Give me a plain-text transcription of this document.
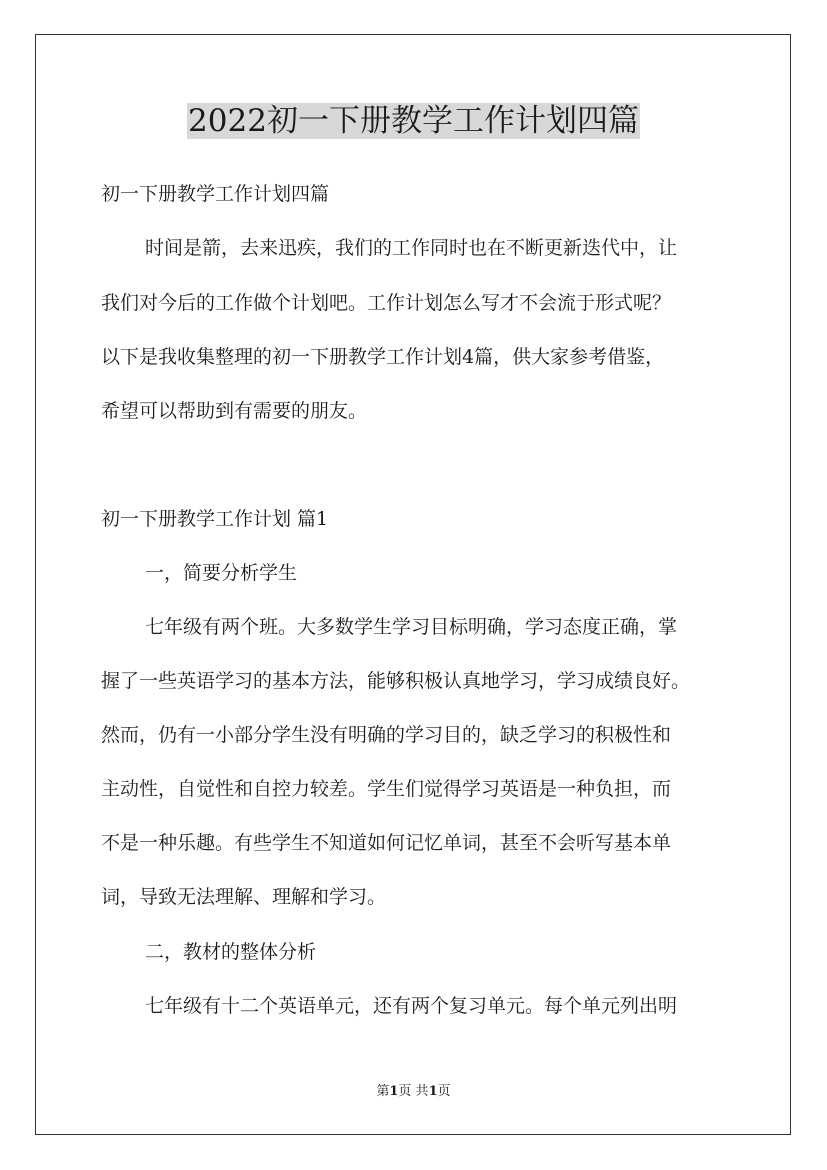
2022初一下册教学工作计划四篇
初一下册教学工作计划四篇
时间是箭，去来迅疾，我们的工作同时也在不断更新迭代中，让
我们对今后的工作做个计划吧。工作计划怎么写才不会流于形式呢？
以下是我收集整理的初一下册教学工作计划4篇，供大家参考借鉴，
希望可以帮助到有需要的朋友。
初一下册教学工作计划 篇1
一，简要分析学生
七年级有两个班。大多数学生学习目标明确，学习态度正确，掌
握了一些英语学习的基本方法，能够积极认真地学习，学习成绩良好。
然而，仍有一小部分学生没有明确的学习目的，缺乏学习的积极性和
主动性，自觉性和自控力较差。学生们觉得学习英语是一种负担，而
不是一种乐趣。有些学生不知道如何记忆单词，甚至不会听写基本单
词，导致无法理解、理解和学习。
二，教材的整体分析
七年级有十二个英语单元，还有两个复习单元。每个单元列出明
第1页 共1页
